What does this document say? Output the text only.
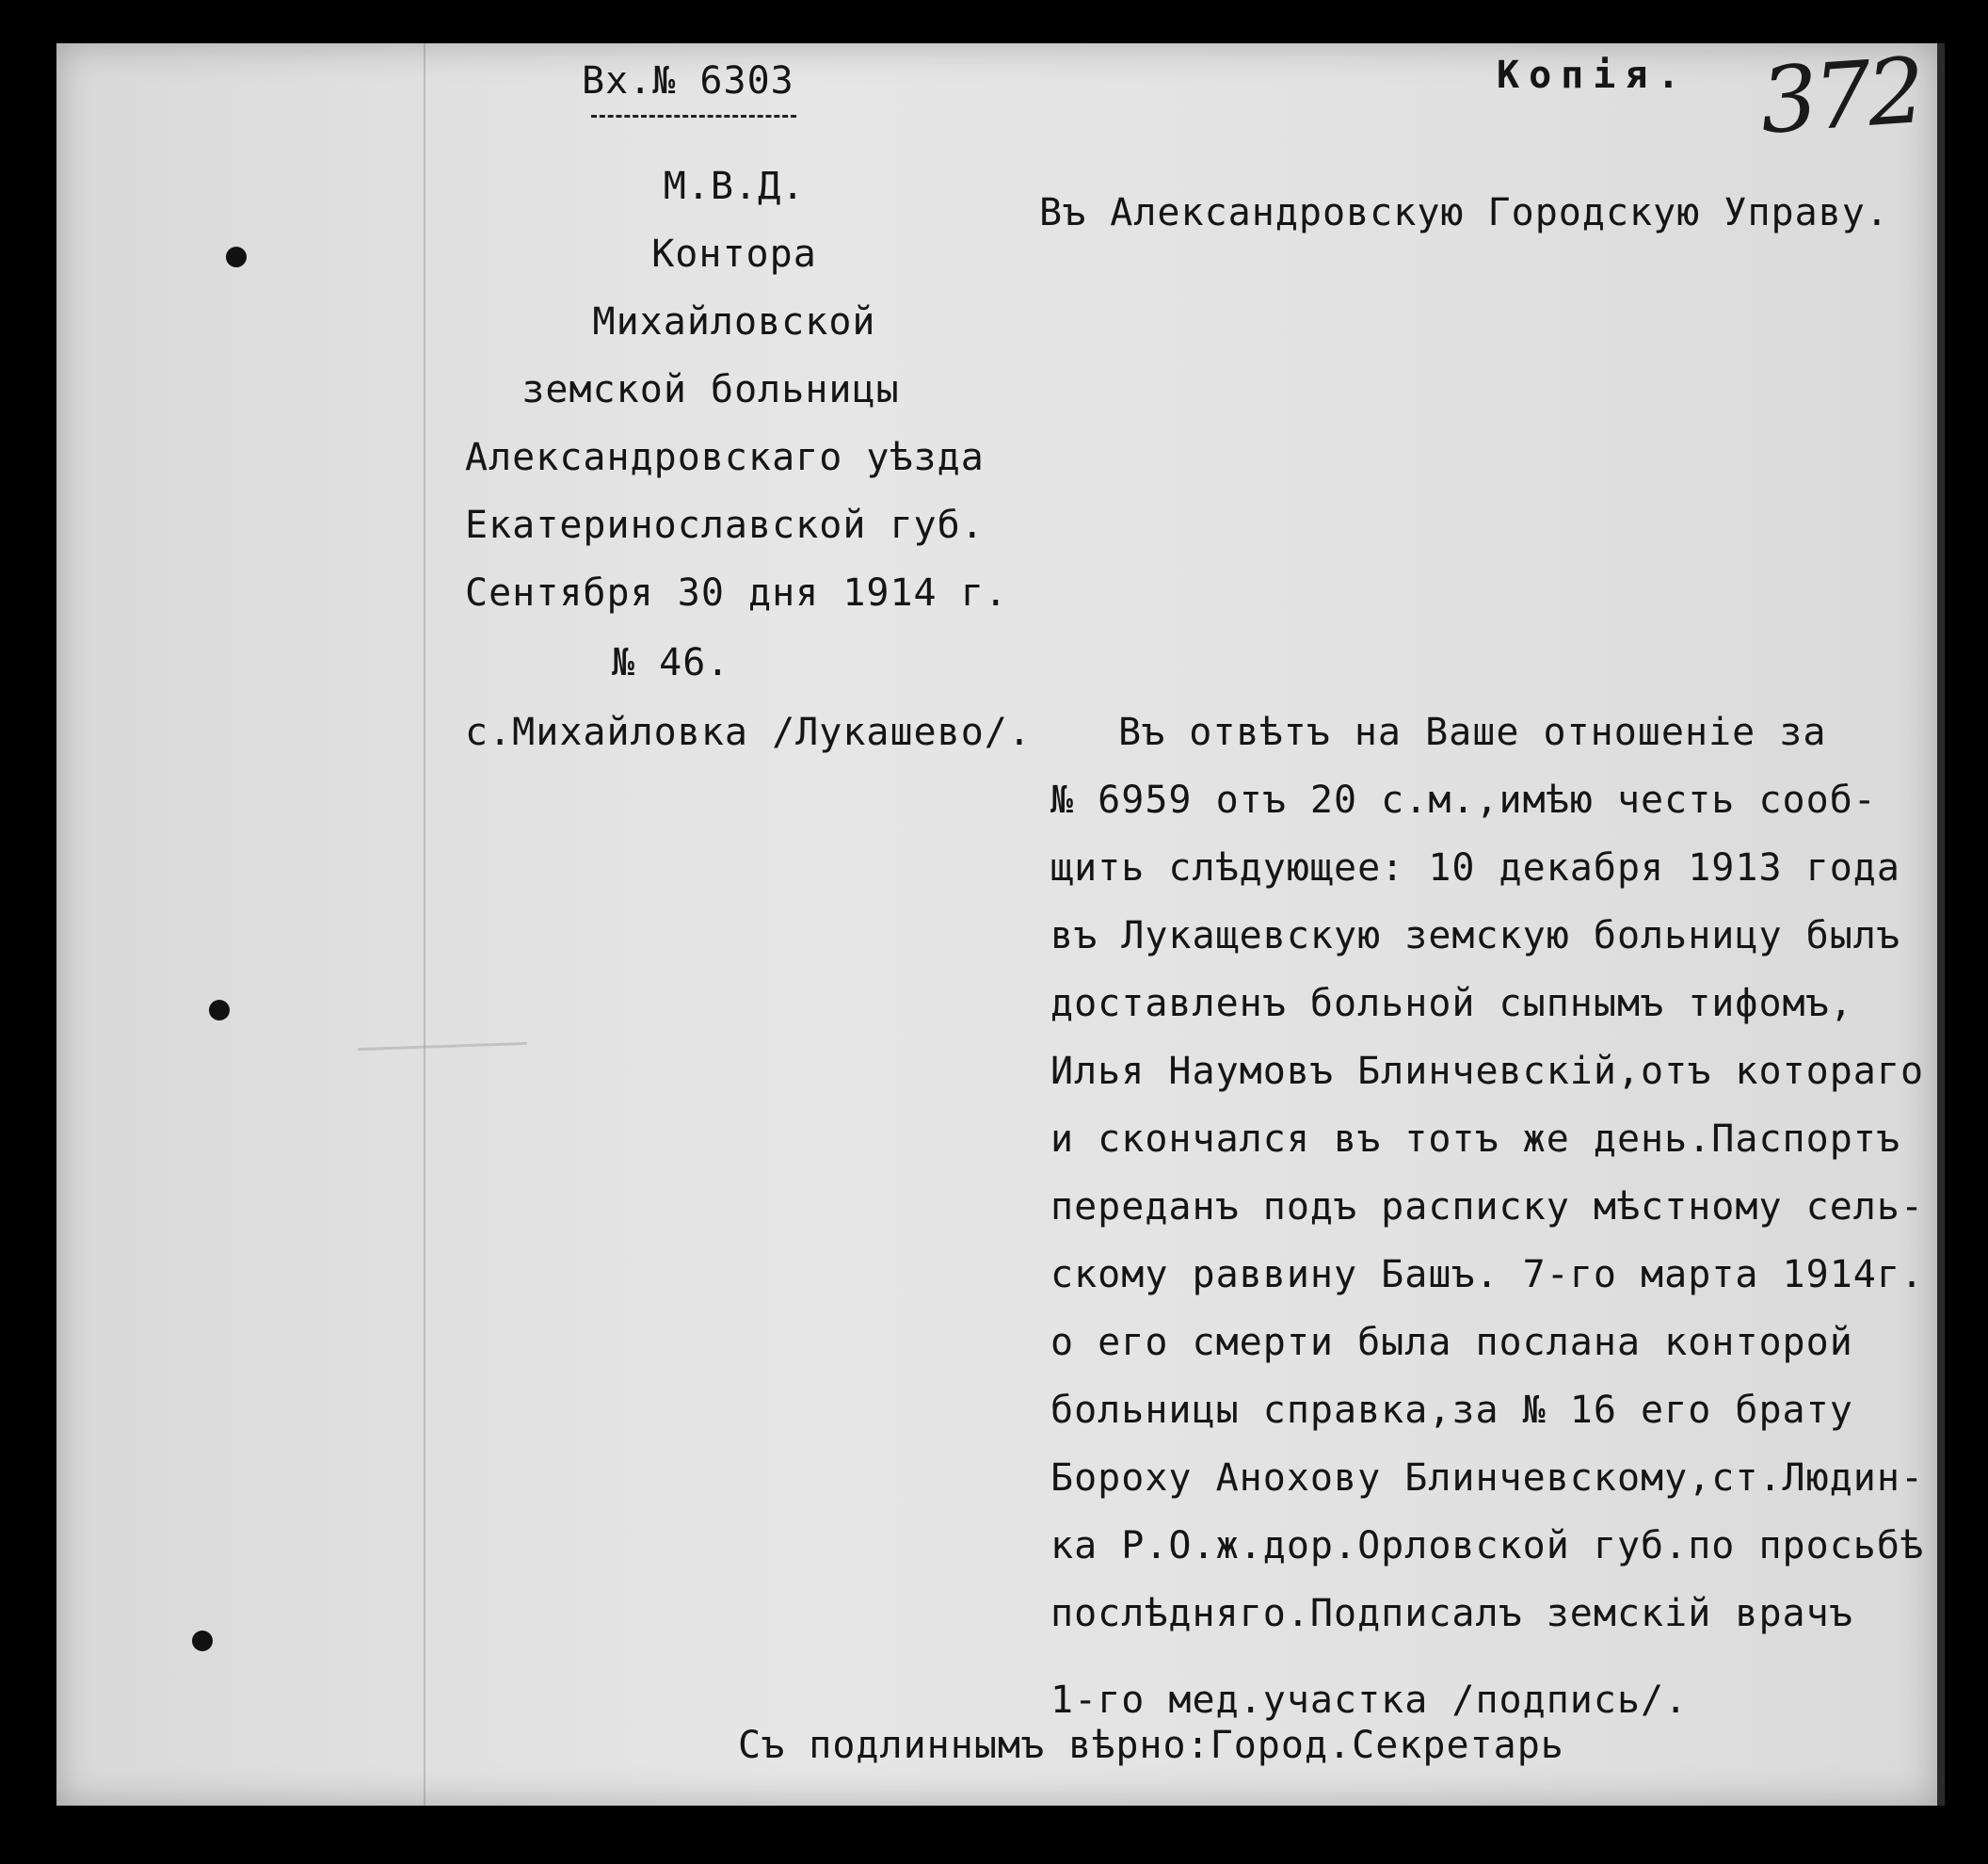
Вх.№ 6303	Копія. 372
М.В.Д.
Контора
Михайловской
земской больницы
Александровскаго уѣзда
Екатеринославской губ.
Сентября 30 дня 1914 г.
№ 46.
с.Михайловка /Лукашево/.
Въ Александровскую Городскую Управу.
Въ отвѣтъ на Ваше отношеніе за
№ 6959 отъ 20 с.м.,имѣю честь сооб-
щить слѣдующее: 10 декабря 1913 года
въ Лукащевскую земскую больницу былъ
доставленъ больной сыпнымъ тифомъ,
Илья Наумовъ Блинчевскій,отъ котораго
и скончался въ тотъ же день.Паспортъ
переданъ подъ расписку мѣстному сель-
скому раввину Башъ. 7-го марта 1914г.
о его смерти была послана конторой
больницы справка,за № 16 его брату
Бороху Анохову Блинчевскому,ст.Людин-
ка Р.О.ж.дор.Орловской губ.по просьбѣ
послѣдняго.Подписалъ земскій врачъ
1-го мед.участка /подпись/.
Съ подлиннымъ вѣрно:Город.Секретарь
